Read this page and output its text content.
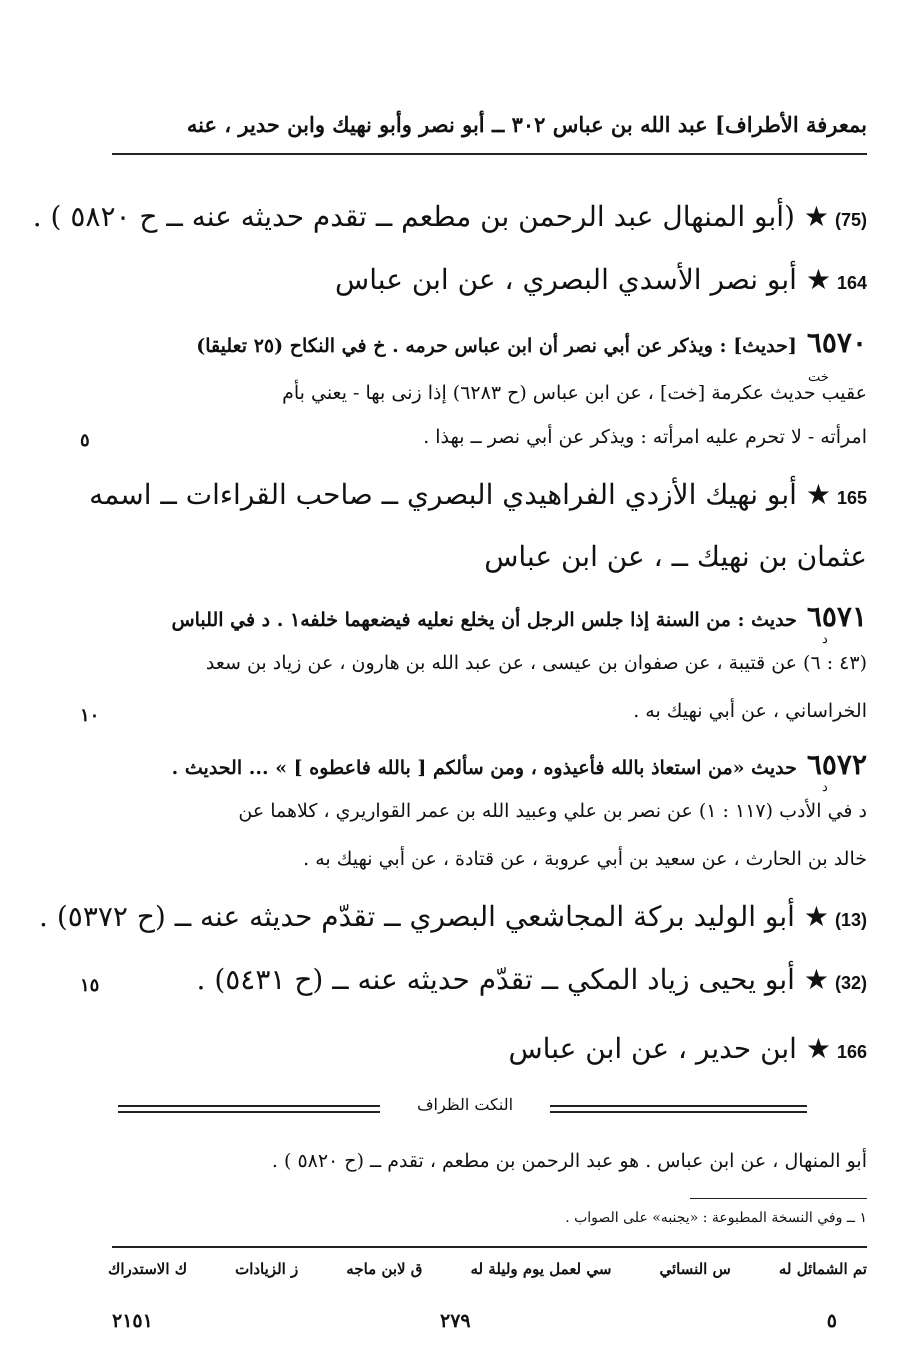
بمعرفة الأطراف] عبد الله بن عباس ٣٠٢ ــ أبو نصر وأبو نهيك وابن حدير ، عنه
(75)★ (أبو المنهال عبد الرحمن بن مطعم ــ تقدم حديثه عنه ــ ح ٥٨٢٠ ) .
164★ أبو نصر الأسدي البصري ، عن ابن عباس
٦٥٧٠[حديث] : ويذكر عن أبي نصر أن ابن عباس حرمه . خ في النكاح (٢٥ تعليقا)
خت
عقيب حديث عكرمة [خت] ، عن ابن عباس (ح ٦٢٨٣) إذا زنى بها - يعني بأم
امرأته - لا تحرم عليه امرأته : ويذكر عن أبي نصر ــ بهذا .
٥
165★ أبو نهيك الأزدي الفراهيدي البصري ــ صاحب القراءات ــ اسمه
عثمان بن نهيك ــ ، عن ابن عباس
٦٥٧١حديث : من السنة إذا جلس الرجل أن يخلع نعليه فيضعهما خلفه١ . د في اللباس
د
(٤٣ : ٦) عن قتيبة ، عن صفوان بن عيسى ، عن عبد الله بن هارون ، عن زياد بن سعد
الخراساني ، عن أبي نهيك به .
١٠
٦٥٧٢حديث «من استعاذ بالله فأعيذوه ، ومن سألكم [ بالله فاعطوه ] » ... الحديث .
د
د في الأدب (١١٧ : ١) عن نصر بن علي وعبيد الله بن عمر القواريري ، كلاهما عن
خالد بن الحارث ، عن سعيد بن أبي عروبة ، عن قتادة ، عن أبي نهيك به .
(13)★ أبو الوليد بركة المجاشعي البصري ــ تقدّم حديثه عنه ــ (ح ٥٣٧٢) .
(32)★ أبو يحيى زياد المكي ــ تقدّم حديثه عنه ــ (ح ٥٤٣١) .
١٥
166★ ابن حدير ، عن ابن عباس
النكت الظراف
أبو المنهال ، عن ابن عباس . هو عبد الرحمن بن مطعم ، تقدم ــ (ح ٥٨٢٠ ) .
١ ــ وفي النسخة المطبوعة : «يجنبه» على الصواب .
تم الشمائل له
س النسائي
سي لعمل يوم وليلة له
ق لابن ماجه
ز الزيادات
ك الاستدراك
٥
٢٧٩
٢١٥١
